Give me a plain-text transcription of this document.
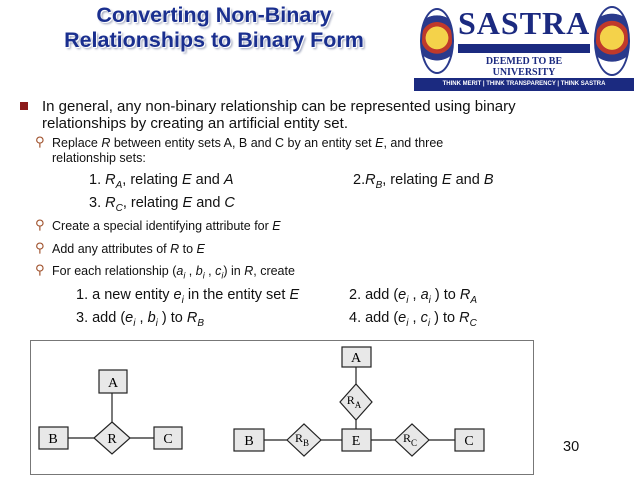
Converting Non-Binary
Relationships to Binary Form	SASTRA
DEEMED TO BE UNIVERSITY
THINK MERIT | THINK TRANSPARENCY | THINK SASTRA
In general, any non-binary relationship can be represented using binary
relationships by creating an artificial entity set.
⚲ Replace R between entity sets A, B and C by an entity set E, and three
relationship sets:
1. $R_A$, relating E and A	$2.R_B$, relating E and B
3. $R_C$, relating E and C
⚲ Create a special identifying attribute for E
⚲ Add any attributes of R to E
⚲ For each relationship ($a_i$ , $b_i$ , $c_i$) in R, create
1. a new entity $e_i$ in the entity set E	2. add ($e_i$ , $a_i$ ) to $R_A$
3. add ($e_i$ , $b_i$ ) to $R_B$	4. add ($e_i$ , $c_i$ ) to $R_C$
A
B	R	C
A
$R_A$
B	$R_B$	E	$R_C$	C	30
